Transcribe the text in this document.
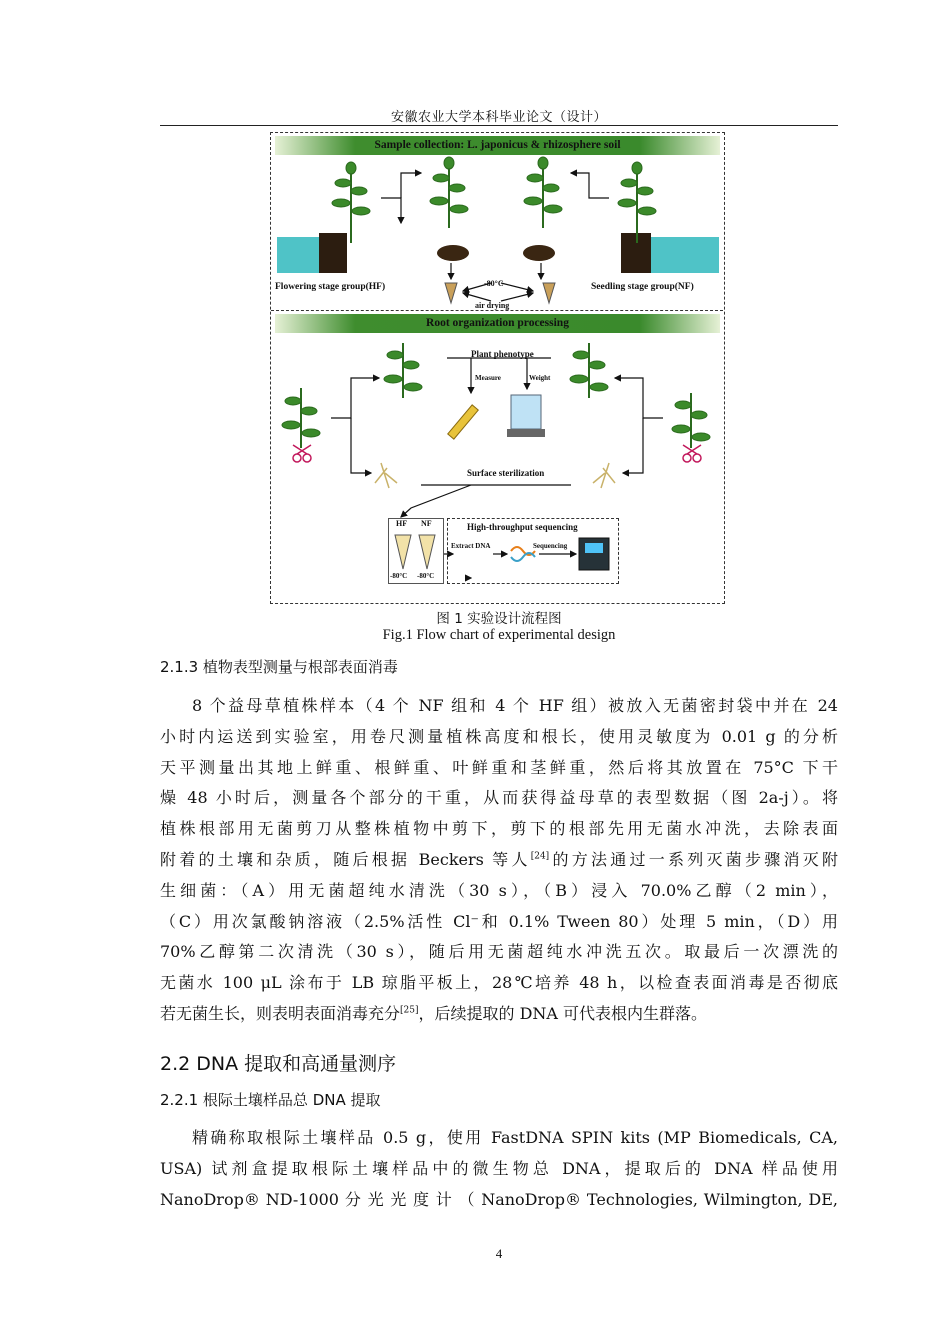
安徽农业大学本科毕业论文（设计）
Sample collection: L. japonicus & rhizosphere soil
Root organization processing
Flowering stage group(HF)	Seedling stage group(NF)
-80°C
air drying
Plant phenotype
Measure	Weight
Surface sterilization
HF NF
-80°C -80°C
High-throughput sequencing
Extract DNA	Sequencing
图 1 实验设计流程图
Fig.1 Flow chart of experimental design
2.1.3 植物表型测量与根部表面消毒
8 个益母草植株样本（4 个 NF 组和 4 个 HF 组）被放入无菌密封袋中并在 24
小时内运送到实验室，用卷尺测量植株高度和根长，使用灵敏度为 0.01 g 的分析
天平测量出其地上鲜重、根鲜重、叶鲜重和茎鲜重，然后将其放置在 75°C 下干
燥 48 小时后，测量各个部分的干重，从而获得益母草的表型数据（图 2a-j）。将
植株根部用无菌剪刀从整株植物中剪下，剪下的根部先用无菌水冲洗，去除表面
附着的土壤和杂质，随后根据 Beckers 等人[24]的方法通过一系列灭菌步骤消灭附
生细菌：（A）用无菌超纯水清洗（30 s），（B）浸入 70.0%乙醇（2 min），
（C）用次氯酸钠溶液（2.5%活性 Cl⁻和 0.1% Tween 80）处理 5 min，（D）用
70%乙醇第二次清洗（30 s），随后用无菌超纯水冲洗五次。取最后一次漂洗的
无菌水 100 μL 涂布于 LB 琼脂平板上，28℃培养 48 h，以检查表面消毒是否彻底
若无菌生长，则表明表面消毒充分[25]，后续提取的 DNA 可代表根内生群落。
2.2 DNA 提取和高通量测序
2.2.1 根际土壤样品总 DNA 提取
精确称取根际土壤样品 0.5 g，使用 FastDNA SPIN kits (MP Biomedicals, CA,
USA) 试剂盒提取根际土壤样品中的微生物总 DNA，提取后的 DNA 样品使用
NanoDrop® ND-1000 分 光 光 度 计 （ NanoDrop® Technologies, Wilmington, DE,
4
